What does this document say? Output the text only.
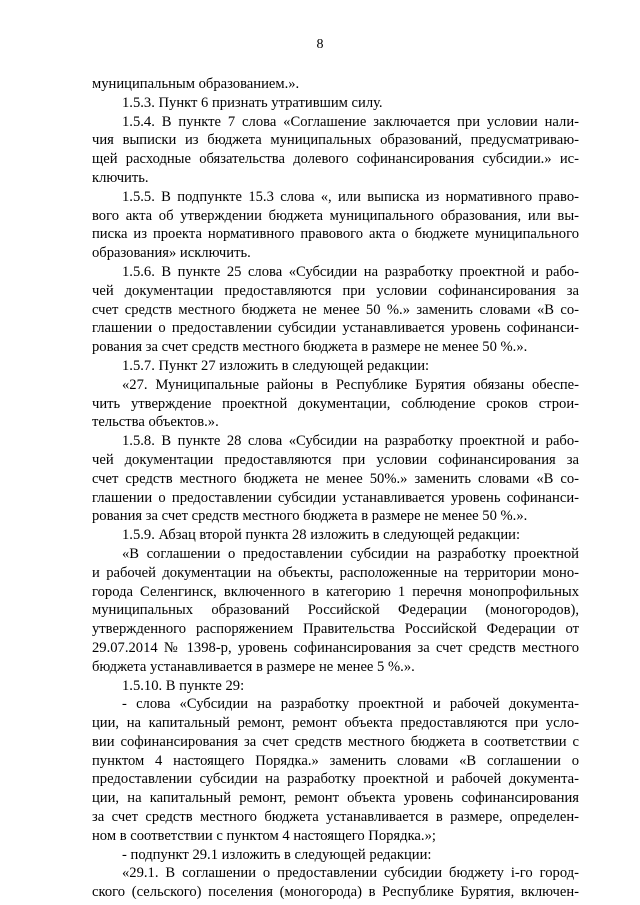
8
муниципальным образованием.».
1.5.3. Пункт 6 признать утратившим силу.
1.5.4. В пункте 7 слова «Соглашение заключается при условии нали-
чия выписки из бюджета муниципальных образований, предусматриваю-
щей расходные обязательства долевого софинансирования субсидии.» ис-
ключить.
1.5.5. В подпункте 15.3 слова «, или выписка из нормативного право-
вого акта об утверждении бюджета муниципального образования, или вы-
писка из проекта нормативного правового акта о бюджете муниципального
образования» исключить.
1.5.6. В пункте 25 слова «Субсидии на разработку проектной и рабо-
чей документации предоставляются при условии софинансирования за
счет средств местного бюджета не менее 50 %.» заменить словами «В со-
глашении о предоставлении субсидии устанавливается уровень софинанси-
рования за счет средств местного бюджета в размере не менее 50 %.».
1.5.7. Пункт 27 изложить в следующей редакции:
«27. Муниципальные районы в Республике Бурятия обязаны обеспе-
чить утверждение проектной документации, соблюдение сроков строи-
тельства объектов.».
1.5.8. В пункте 28 слова «Субсидии на разработку проектной и рабо-
чей документации предоставляются при условии софинансирования за
счет средств местного бюджета не менее 50%.» заменить словами «В со-
глашении о предоставлении субсидии устанавливается уровень софинанси-
рования за счет средств местного бюджета в размере не менее 50 %.».
1.5.9. Абзац второй пункта 28 изложить в следующей редакции:
«В соглашении о предоставлении субсидии на разработку проектной
и рабочей документации на объекты, расположенные на территории моно-
города Селенгинск, включенного в категорию 1 перечня монопрофильных
муниципальных образований Российской Федерации (моногородов),
утвержденного распоряжением Правительства Российской Федерации от
29.07.2014 № 1398-р, уровень софинансирования за счет средств местного
бюджета устанавливается в размере не менее 5 %.».
1.5.10. В пункте 29:
- слова «Субсидии на разработку проектной и рабочей документа-
ции, на капитальный ремонт, ремонт объекта предоставляются при усло-
вии софинансирования за счет средств местного бюджета в соответствии с
пунктом 4 настоящего Порядка.» заменить словами «В соглашении о
предоставлении субсидии на разработку проектной и рабочей документа-
ции, на капитальный ремонт, ремонт объекта уровень софинансирования
за счет средств местного бюджета устанавливается в размере, определен-
ном в соответствии с пунктом 4 настоящего Порядка.»;
- подпункт 29.1 изложить в следующей редакции:
«29.1. В соглашении о предоставлении субсидии бюджету i-го город-
ского (сельского) поселения (моногорода) в Республике Бурятия, включен-
